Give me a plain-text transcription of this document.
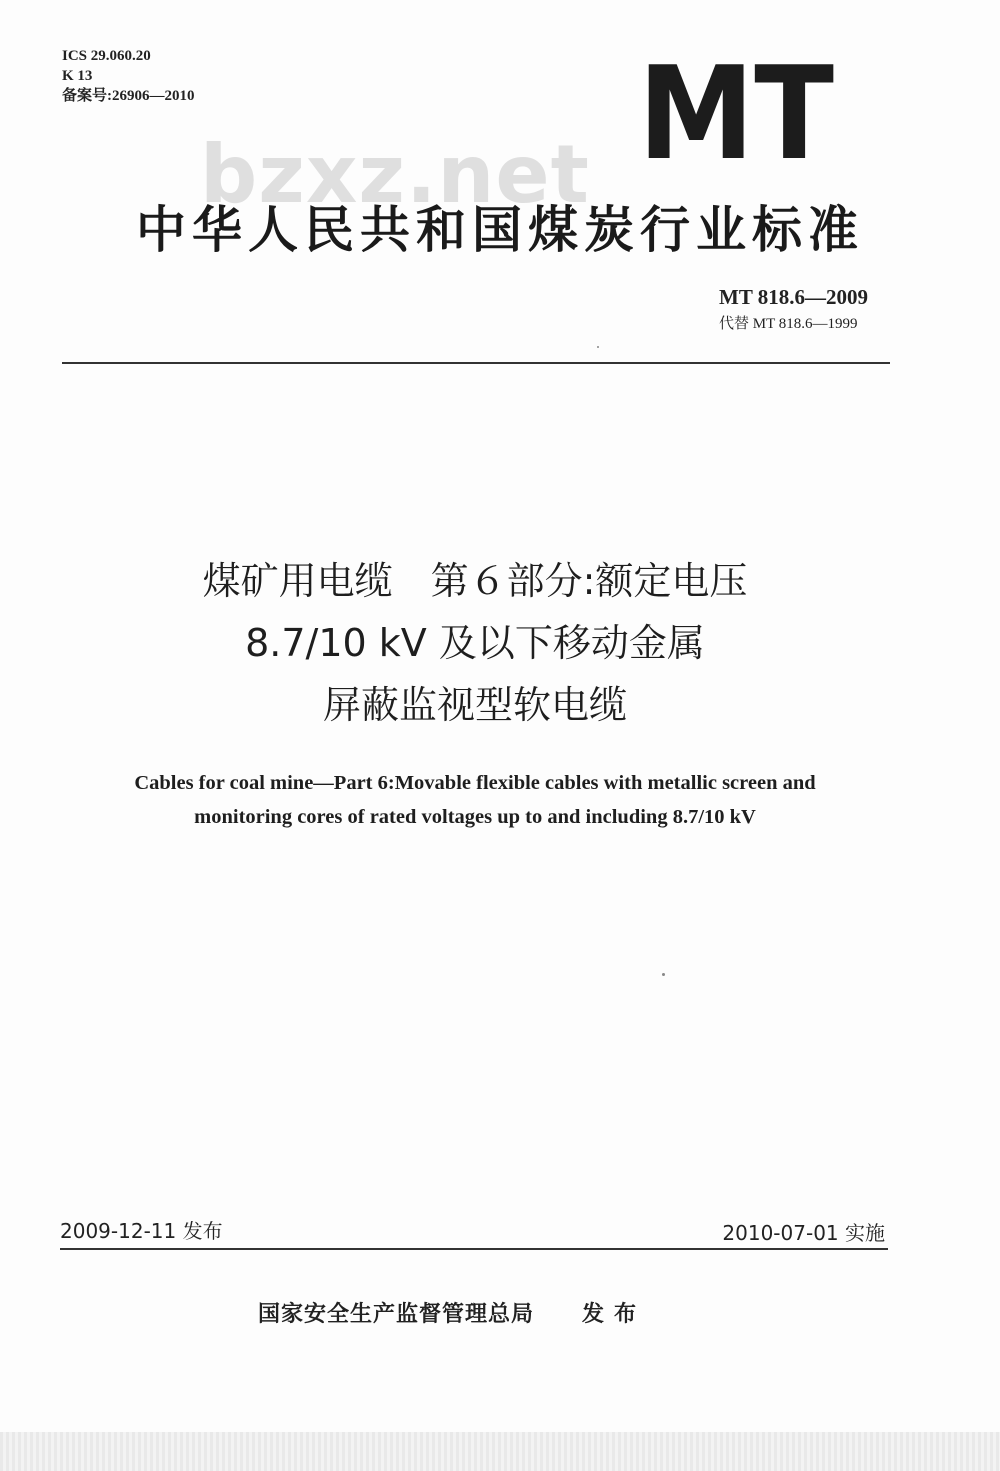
ICS 29.060.20
K 13
备案号:26906—2010	MT
bzxz.net
中华人民共和国煤炭行业标准
MT 818.6—2009
代替 MT 818.6—1999
煤矿用电缆　第６部分:额定电压
8.7/10 kV 及以下移动金属
屏蔽监视型软电缆
Cables for coal mine—Part 6:Movable flexible cables with metallic screen and
monitoring cores of rated voltages up to and including 8.7/10 kV
2009-12-11 发布	2010-07-01 实施
国家安全生产监督管理总局 发布
